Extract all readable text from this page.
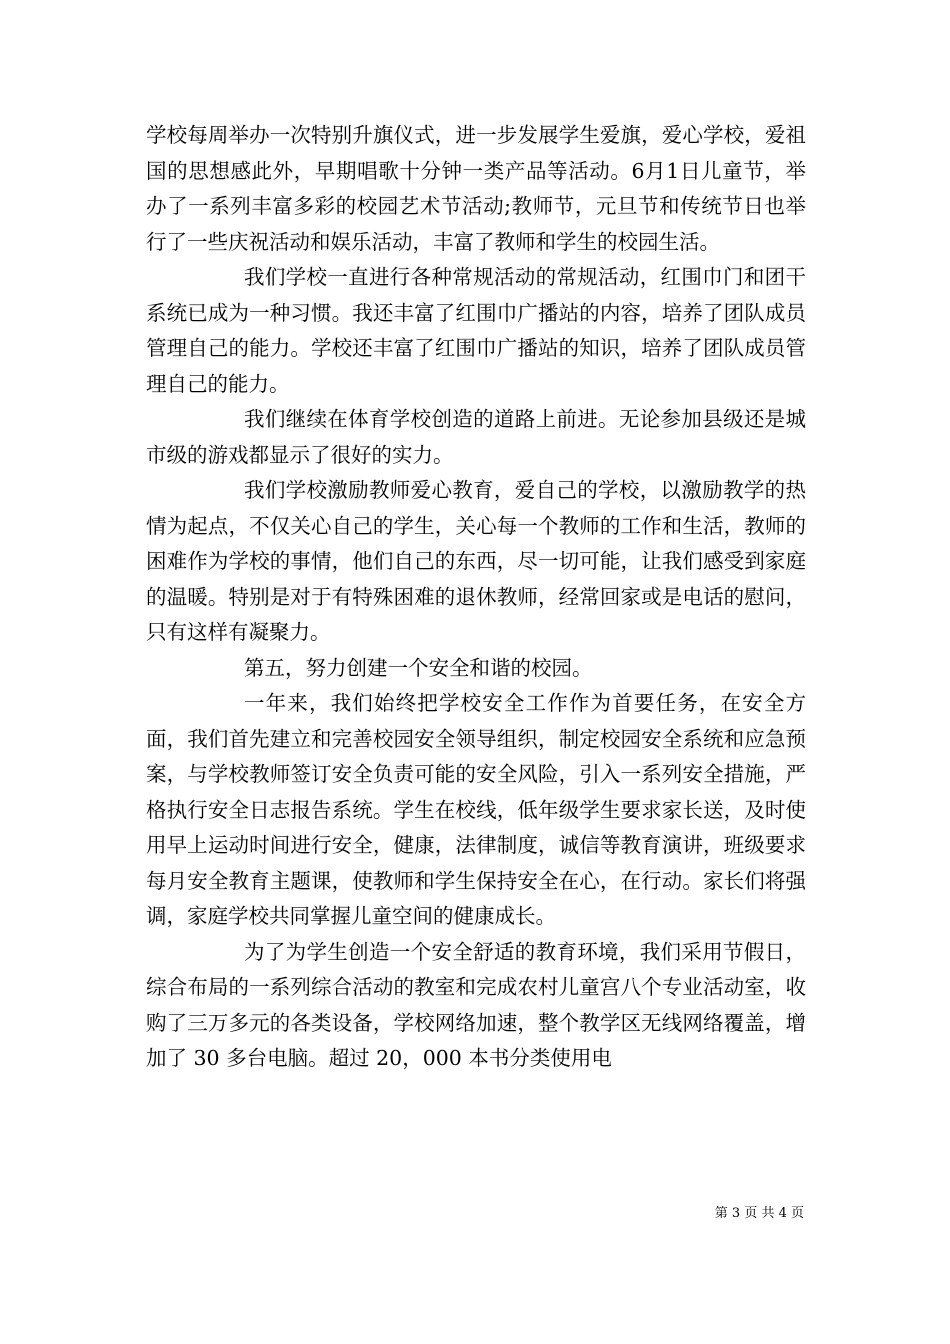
学校每周举办一次特别升旗仪式，进一步发展学生爱旗，爱心学校，爱祖国的思想感此外，早期唱歌十分钟一类产品等活动。6月1日儿童节，举办了一系列丰富多彩的校园艺术节活动;教师节，元旦节和传统节日也举行了一些庆祝活动和娱乐活动，丰富了教师和学生的校园生活。

我们学校一直进行各种常规活动的常规活动，红围巾门和团干系统已成为一种习惯。我还丰富了红围巾广播站的内容，培养了团队成员管理自己的能力。学校还丰富了红围巾广播站的知识，培养了团队成员管理自己的能力。

我们继续在体育学校创造的道路上前进。无论参加县级还是城市级的游戏都显示了很好的实力。

我们学校激励教师爱心教育，爱自己的学校，以激励教学的热情为起点，不仅关心自己的学生，关心每一个教师的工作和生活，教师的困难作为学校的事情，他们自己的东西，尽一切可能，让我们感受到家庭的温暖。特别是对于有特殊困难的退休教师，经常回家或是电话的慰问，只有这样有凝聚力。

第五，努力创建一个安全和谐的校园。

一年来，我们始终把学校安全工作作为首要任务，在安全方面，我们首先建立和完善校园安全领导组织，制定校园安全系统和应急预案，与学校教师签订安全负责可能的安全风险，引入一系列安全措施，严格执行安全日志报告系统。学生在校线，低年级学生要求家长送，及时使用早上运动时间进行安全，健康，法律制度，诚信等教育演讲，班级要求每月安全教育主题课，使教师和学生保持安全在心，在行动。家长们将强调，家庭学校共同掌握儿童空间的健康成长。

为了为学生创造一个安全舒适的教育环境，我们采用节假日，综合布局的一系列综合活动的教室和完成农村儿童宫八个专业活动室，收购了三万多元的各类设备，学校网络加速，整个教学区无线网络覆盖，增加了 30 多台电脑。超过 20，000 本书分类使用电

第 3 页 共 4 页
